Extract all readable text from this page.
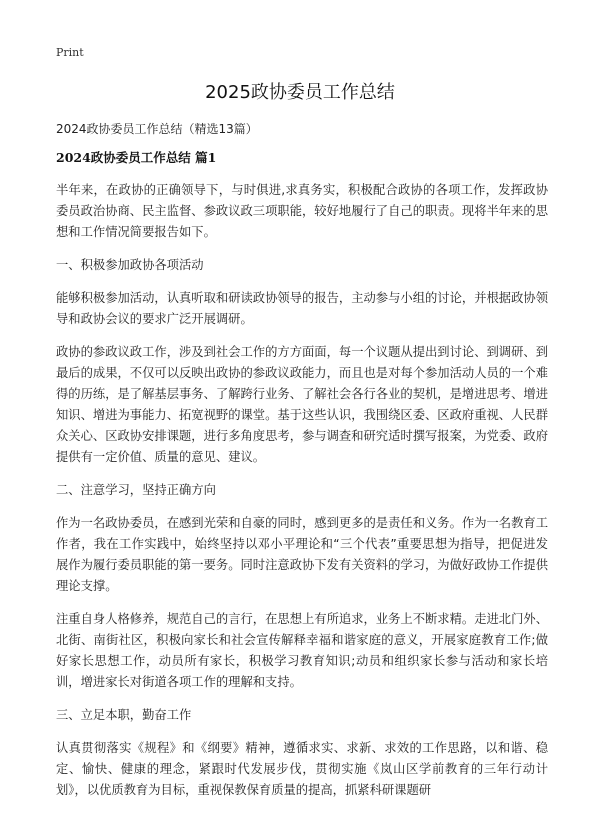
Print
2025政协委员工作总结
2024政协委员工作总结（精选13篇）
2024政协委员工作总结 篇1

半年来，在政协的正确领导下，与时俱进,求真务实，积极配合政协的各项工作，发挥政协委员政治协商、民主监督、参政议政三项职能，较好地履行了自己的职责。现将半年来的思想和工作情况简要报告如下。

一、积极参加政协各项活动

能够积极参加活动，认真听取和研读政协领导的报告，主动参与小组的讨论，并根据政协领导和政协会议的要求广泛开展调研。

政协的参政议政工作，涉及到社会工作的方方面面，每一个议题从提出到讨论、到调研、到最后的成果，不仅可以反映出政协的参政议政能力，而且也是对每个参加活动人员的一个难得的历练，是了解基层事务、了解跨行业务、了解社会各行各业的契机，是增进思考、增进知识、增进为事能力、拓宽视野的课堂。基于这些认识，我围绕区委、区政府重视、人民群众关心、区政协安排课题，进行多角度思考，参与调查和研究适时撰写报案，为党委、政府提供有一定价值、质量的意见、建议。

二、注意学习，坚持正确方向

作为一名政协委员，在感到光荣和自豪的同时，感到更多的是责任和义务。作为一名教育工作者，我在工作实践中，始终坚持以邓小平理论和“三个代表”重要思想为指导，把促进发展作为履行委员职能的第一要务。同时注意政协下发有关资料的学习，为做好政协工作提供理论支撑。

注重自身人格修养，规范自己的言行，在思想上有所追求，业务上不断求精。走进北门外、北街、南街社区，积极向家长和社会宣传解释幸福和谐家庭的意义，开展家庭教育工作;做好家长思想工作，动员所有家长，积极学习教育知识;动员和组织家长参与活动和家长培训，增进家长对街道各项工作的理解和支持。

三、立足本职，勤奋工作

认真贯彻落实《规程》和《纲要》精神，遵循求实、求新、求效的工作思路，以和谐、稳定、愉快、健康的理念，紧跟时代发展步伐，贯彻实施《岚山区学前教育的三年行动计划》，以优质教育为目标，重视保教保育质量的提高，抓紧科研课题研
